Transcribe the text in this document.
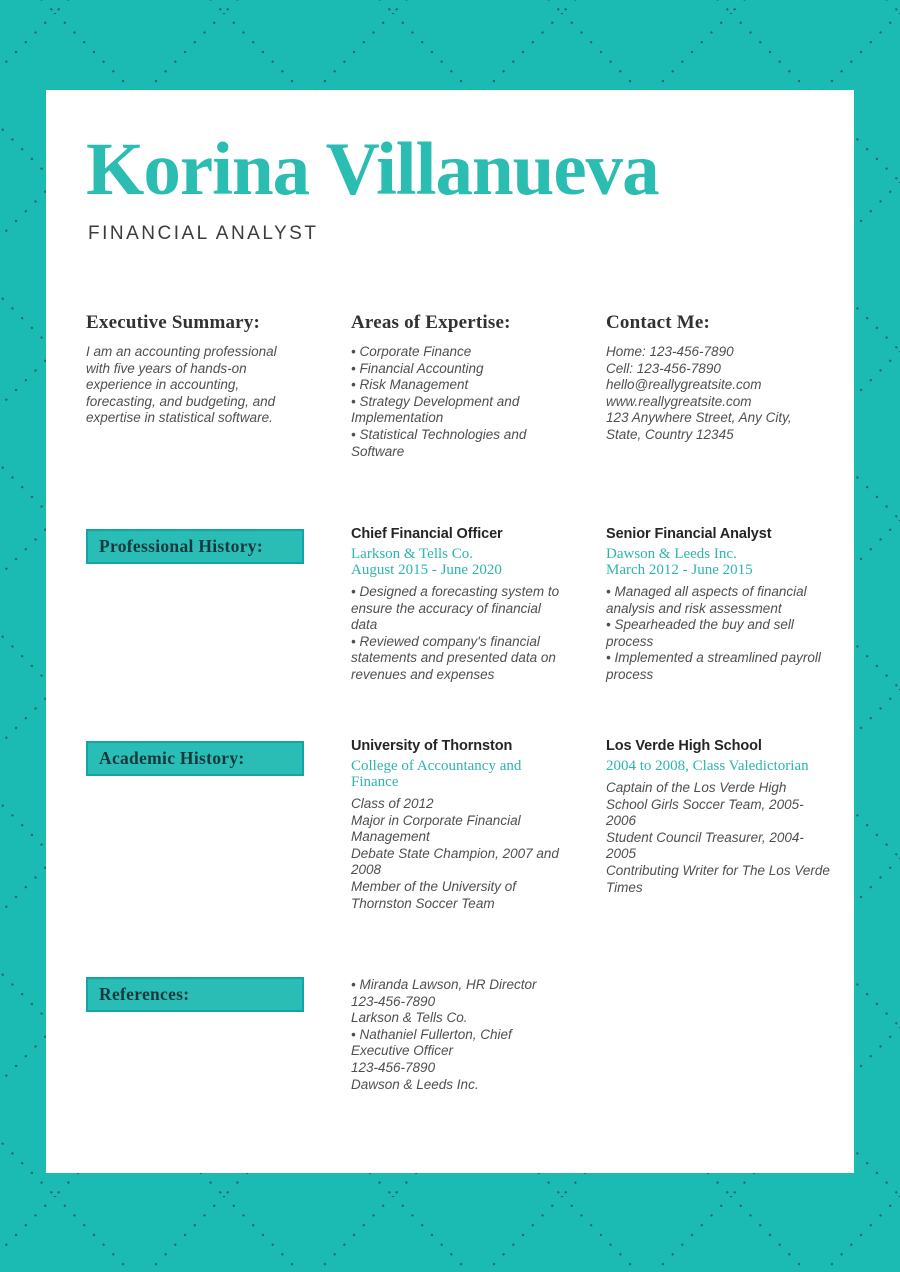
Korina Villanueva
FINANCIAL ANALYST
Executive Summary:

I am an accounting professional with five years of hands-on experience in accounting, forecasting, and budgeting, and expertise in statistical software.

Areas of Expertise:
• Corporate Finance
• Financial Accounting
• Risk Management
• Strategy Development and Implementation
• Statistical Technologies and Software
Contact Me:
Home: 123-456-7890
Cell: 123-456-7890
hello@reallygreatsite.com
www.reallygreatsite.com
123 Anywhere Street, Any City, State, Country 12345
Professional History:
Chief Financial Officer
Larkson & Tells Co.
August 2015 - June 2020
• Designed a forecasting system to ensure the accuracy of financial data
• Reviewed company's financial statements and presented data on revenues and expenses
Senior Financial Analyst
Dawson & Leeds Inc.
March 2012 - June 2015
• Managed all aspects of financial analysis and risk assessment
• Spearheaded the buy and sell process
• Implemented a streamlined payroll process
Academic History:
University of Thornston
College of Accountancy and Finance
Class of 2012
Major in Corporate Financial Management
Debate State Champion, 2007 and 2008
Member of the University of Thornston Soccer Team
Los Verde High School
2004 to 2008, Class Valedictorian
Captain of the Los Verde High School Girls Soccer Team, 2005-2006
Student Council Treasurer, 2004-2005
Contributing Writer for The Los Verde Times
References:	• Miranda Lawson, HR Director
123-456-7890
Larkson & Tells Co.
• Nathaniel Fullerton, Chief Executive Officer
123-456-7890
Dawson & Leeds Inc.
